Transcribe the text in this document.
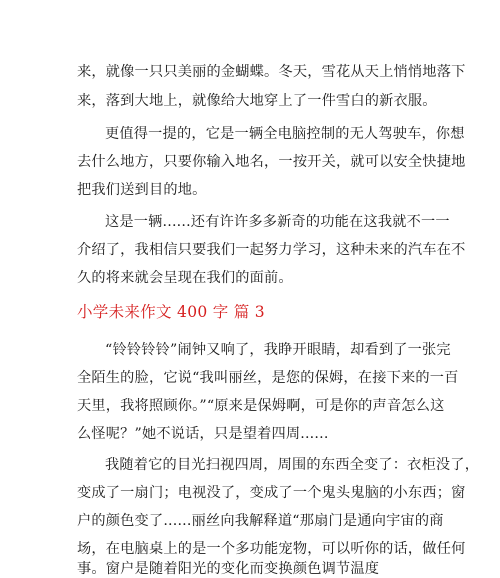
来，就像一只只美丽的金蝴蝶。冬天，雪花从天上悄悄地落下
来，落到大地上，就像给大地穿上了一件雪白的新衣服。
更值得一提的，它是一辆全电脑控制的无人驾驶车，你想
去什么地方，只要你输入地名，一按开关，就可以安全快捷地
把我们送到目的地。
这是一辆......还有许许多多新奇的功能在这我就不一一
介绍了，我相信只要我们一起努力学习，这种未来的汽车在不
久的将来就会呈现在我们的面前。
小学未来作文 400 字 篇 3
“铃铃铃铃”闹钟又响了，我睁开眼睛，却看到了一张完
全陌生的脸，它说“我叫丽丝，是您的保姆，在接下来的一百
天里，我将照顾你。”“原来是保姆啊，可是你的声音怎么这
么怪呢？”她不说话，只是望着四周......
我随着它的目光扫视四周，周围的东西全变了：衣柜没了，
变成了一扇门；电视没了，变成了一个鬼头鬼脑的小东西；窗
户的颜色变了......丽丝向我解释道“那扇门是通向宇宙的商
场，在电脑桌上的是一个多功能宠物，可以听你的话，做任何
事。窗户是随着阳光的变化而变换颜色调节温度
